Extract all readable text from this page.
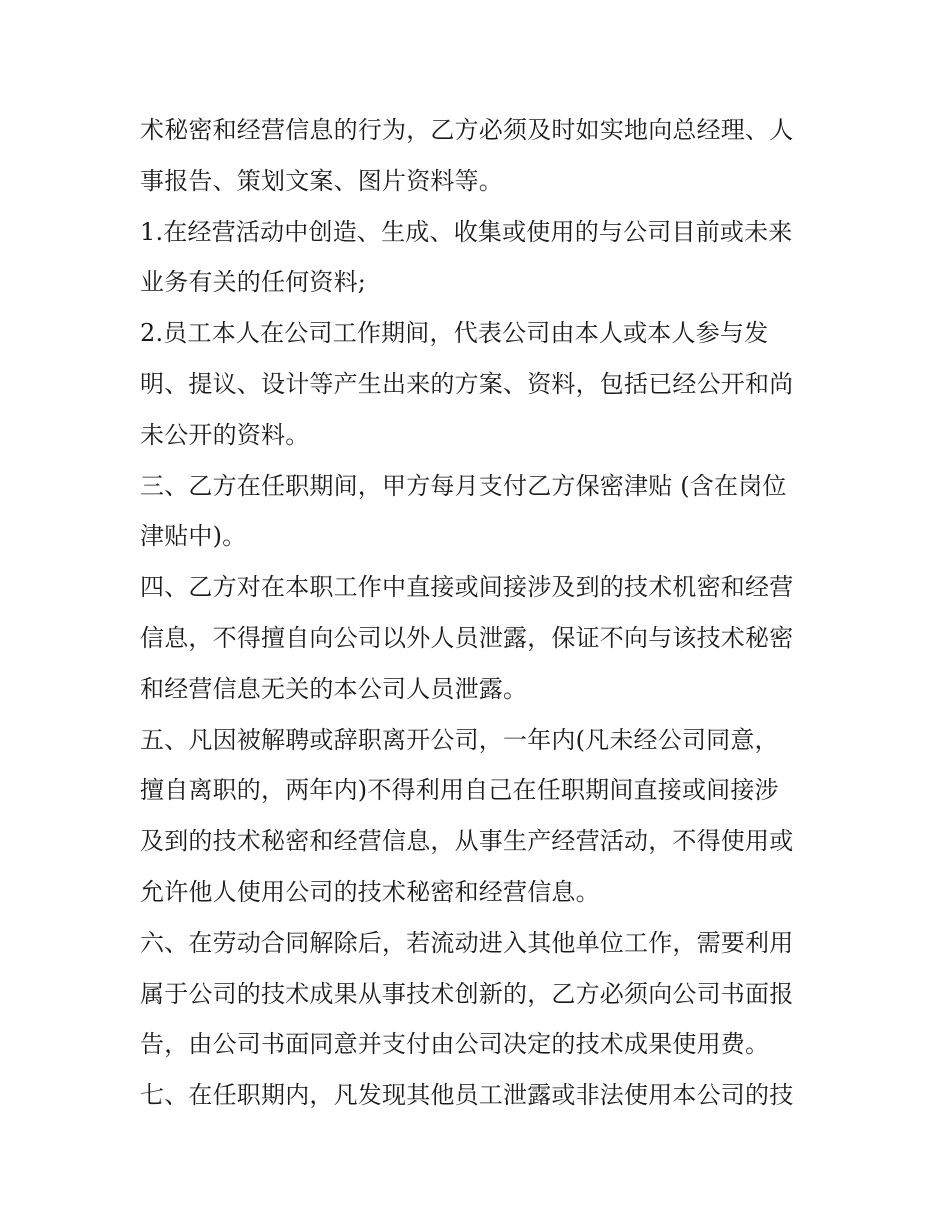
术秘密和经营信息的行为，乙方必须及时如实地向总经理、人
事报告、策划文案、图片资料等。
1.在经营活动中创造、生成、收集或使用的与公司目前或未来
业务有关的任何资料;
2.员工本人在公司工作期间，代表公司由本人或本人参与发
明、提议、设计等产生出来的方案、资料，包括已经公开和尚
未公开的资料。
三、乙方在任职期间，甲方每月支付乙方保密津贴 (含在岗位
津贴中)。
四、乙方对在本职工作中直接或间接涉及到的技术机密和经营
信息，不得擅自向公司以外人员泄露，保证不向与该技术秘密
和经营信息无关的本公司人员泄露。
五、凡因被解聘或辞职离开公司，一年内(凡未经公司同意，
擅自离职的，两年内)不得利用自己在任职期间直接或间接涉
及到的技术秘密和经营信息，从事生产经营活动，不得使用或
允许他人使用公司的技术秘密和经营信息。
六、在劳动合同解除后，若流动进入其他单位工作，需要利用
属于公司的技术成果从事技术创新的，乙方必须向公司书面报
告，由公司书面同意并支付由公司决定的技术成果使用费。
七、在任职期内，凡发现其他员工泄露或非法使用本公司的技
